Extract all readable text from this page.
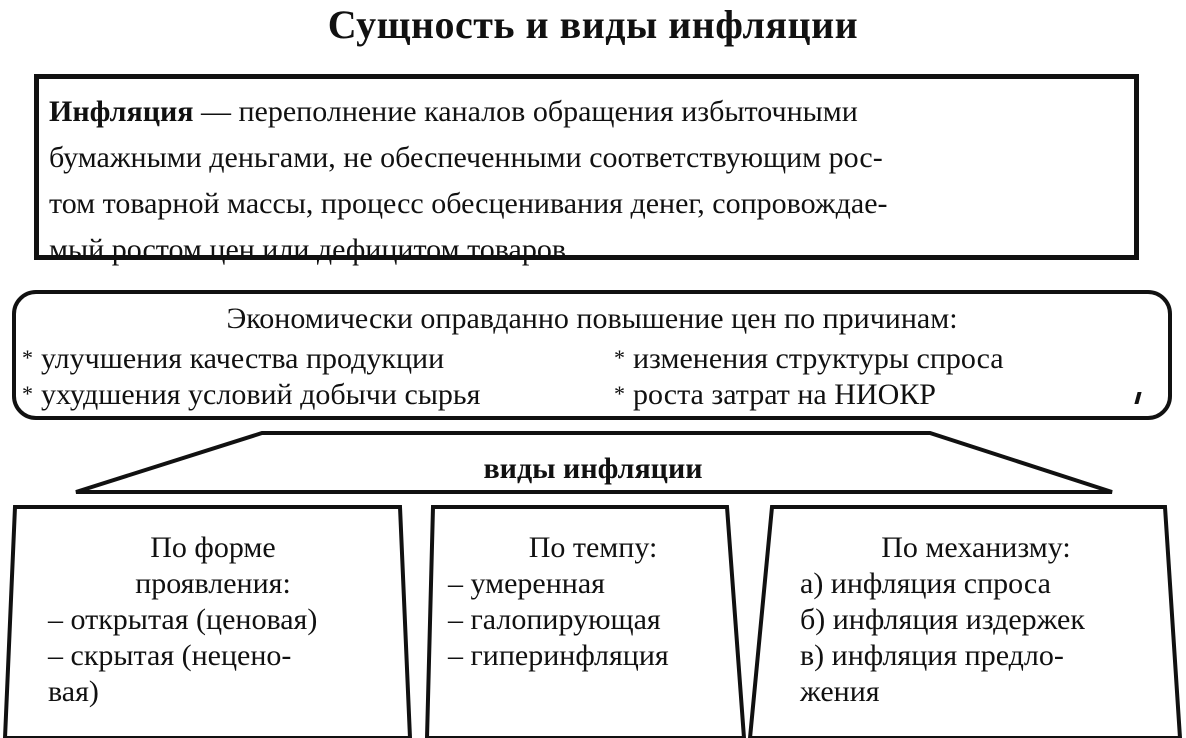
Сущность и виды инфляции
Инфляция — переполнение каналов обращения избыточными
бумажными деньгами, не обеспеченными соответствующим рос-
том товарной массы, процесс обесценивания денег, сопровождае-
мый ростом цен или дефицитом товаров
Экономически оправданно повышение цен по причинам:
* улучшения качества продукции
* ухудшения условий добычи сырья
* изменения структуры спроса
* роста затрат на НИОКР
виды инфляции
По форме
проявления:
– открытая (ценовая)
– скрытая (нецено-
вая)
По темпу:
– умеренная
– галопирующая
– гиперинфляция
По механизму:
а) инфляция спроса
б) инфляция издержек
в) инфляция предло-
жения
